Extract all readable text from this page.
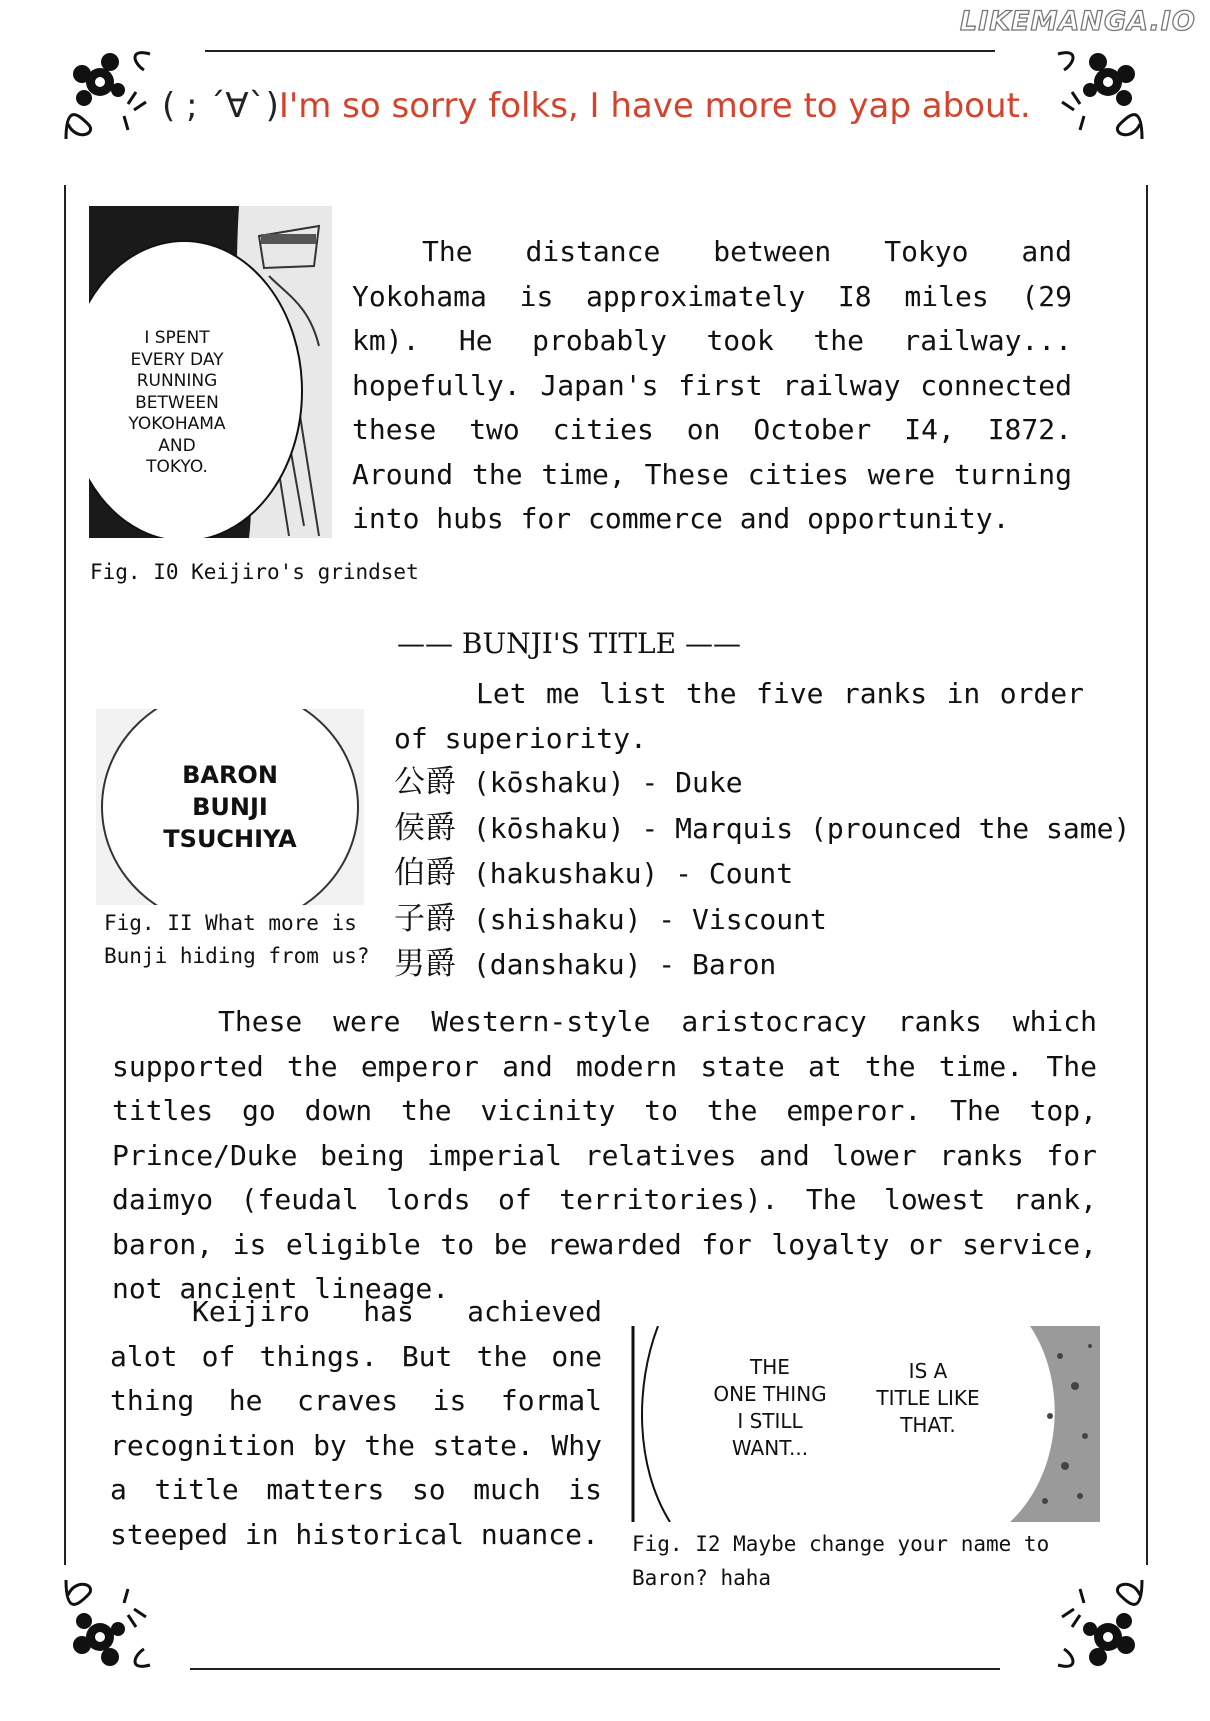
LIKEMANGA.IO
( ; ´∀`)I'm so sorry folks, I have more to yap about.
I SPENT
EVERY DAY
RUNNING
BETWEEN
YOKOHAMA
AND
TOKYO.
Fig. I0 Keijiro's grindset

The distance between Tokyo and Yokohama is approximately I8 miles (29 km). He probably took the railway... hopefully. Japan's first railway connected these two cities on October I4, I872. Around the time, These cities were turning into hubs for commerce and opportunity.

—— BUNJI'S TITLE ——
BARON
BUNJI
TSUCHIYA
Fig. II What more is
Bunji hiding from us?

Let me list the five ranks in order of superiority.

公爵 (kōshaku) - Duke
侯爵 (kōshaku) - Marquis (prounced the same)
伯爵 (hakushaku) - Count
子爵 (shishaku) - Viscount
男爵 (danshaku) - Baron

These were Western-style aristocracy ranks which supported the emperor and modern state at the time. The titles go down the vicinity to the emperor. The top, Prince/Duke being imperial relatives and lower ranks for daimyo (feudal lords of territories). The lowest rank, baron, is eligible to be rewarded for loyalty or service, not ancient lineage.

Keijiro has achieved alot of things. But the one thing he craves is formal recognition by the state. Why a title matters so much is steeped in historical nuance.

THE
ONE THING
I STILL
WANT...
IS A
TITLE LIKE
THAT.
Fig. I2 Maybe change your name to
Baron? haha
